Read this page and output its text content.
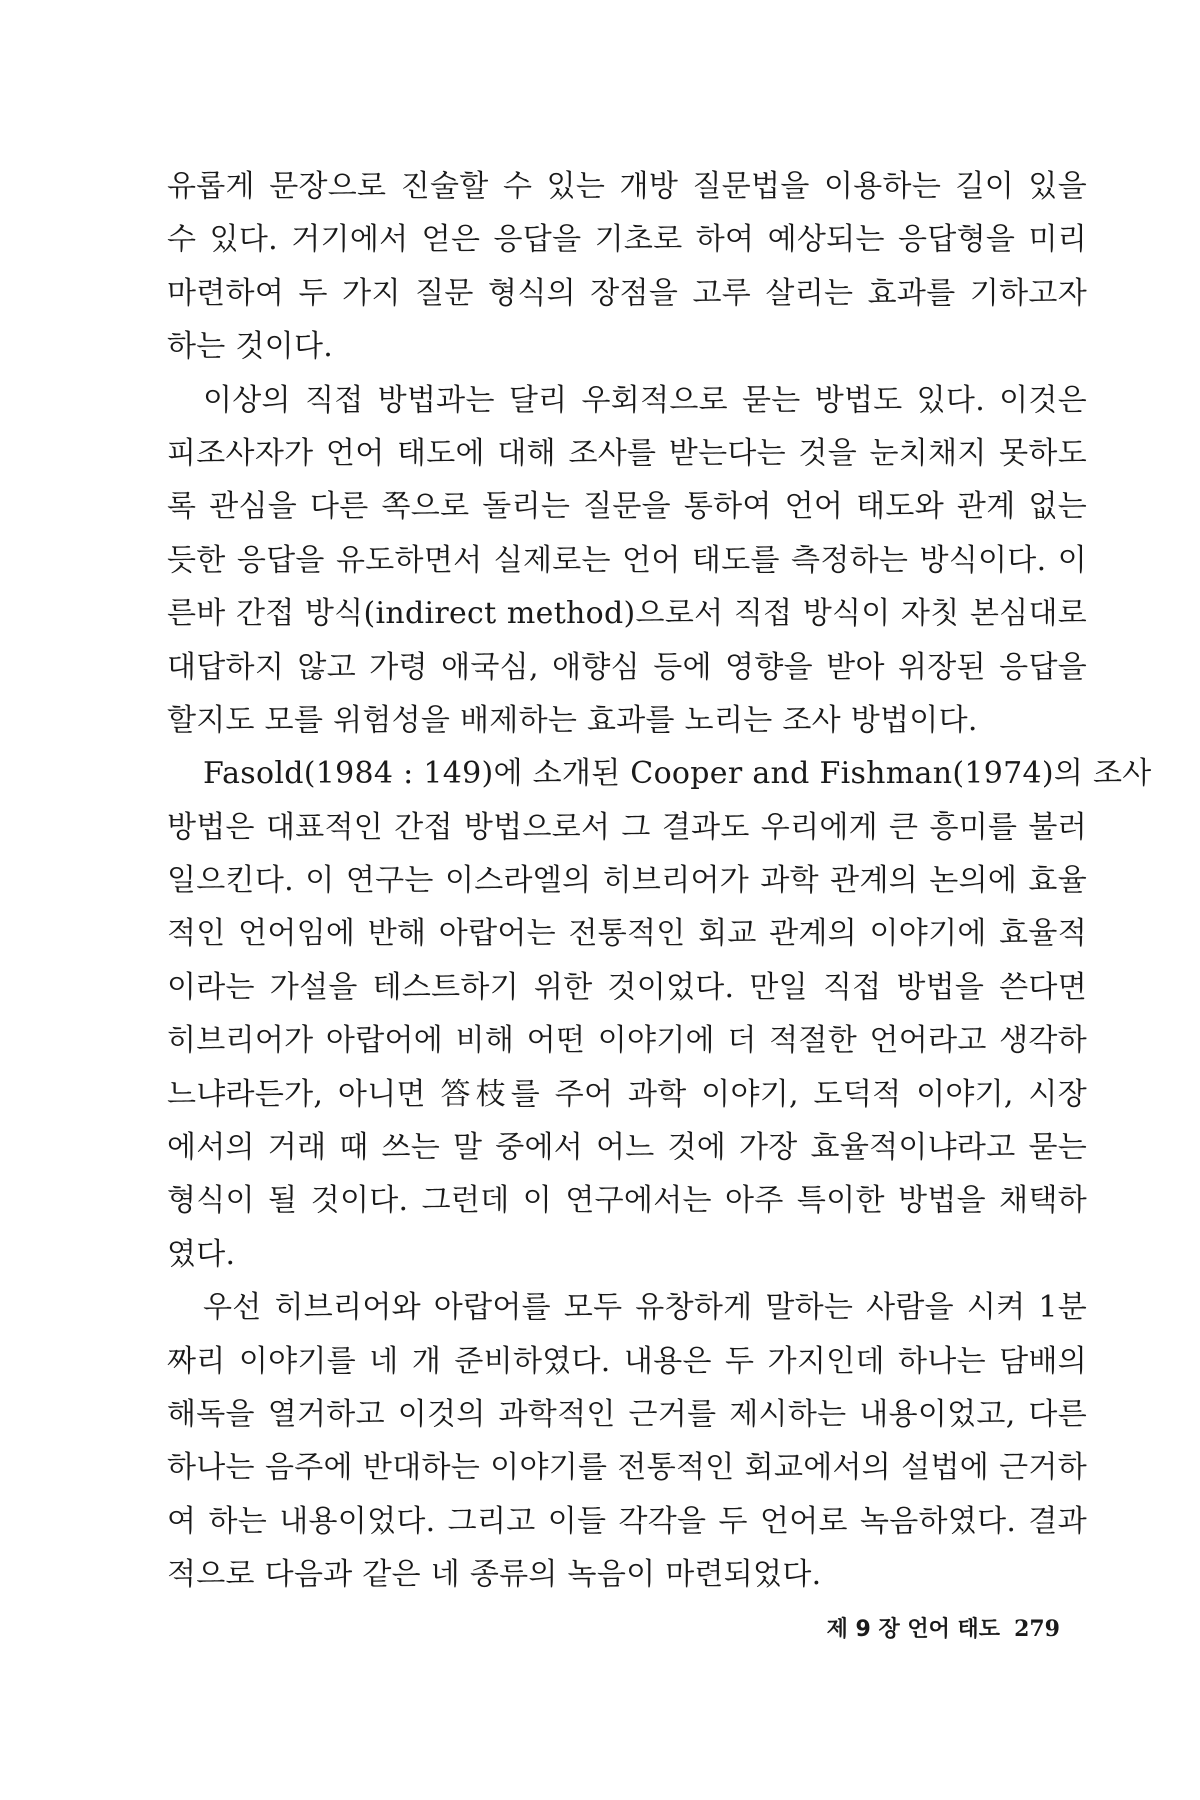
유롭게 문장으로 진술할 수 있는 개방 질문법을 이용하는 길이 있을
수 있다. 거기에서 얻은 응답을 기초로 하여 예상되는 응답형을 미리
마련하여 두 가지 질문 형식의 장점을 고루 살리는 효과를 기하고자
하는 것이다.
이상의 직접 방법과는 달리 우회적으로 묻는 방법도 있다. 이것은
피조사자가 언어 태도에 대해 조사를 받는다는 것을 눈치채지 못하도
록 관심을 다른 쪽으로 돌리는 질문을 통하여 언어 태도와 관계 없는
듯한 응답을 유도하면서 실제로는 언어 태도를 측정하는 방식이다. 이
른바 간접 방식(indirect method)으로서 직접 방식이 자칫 본심대로
대답하지 않고 가령 애국심, 애향심 등에 영향을 받아 위장된 응답을
할지도 모를 위험성을 배제하는 효과를 노리는 조사 방법이다.
Fasold(1984 : 149)에 소개된 Cooper and Fishman(1974)의 조사
방법은 대표적인 간접 방법으로서 그 결과도 우리에게 큰 흥미를 불러
일으킨다. 이 연구는 이스라엘의 히브리어가 과학 관계의 논의에 효율
적인 언어임에 반해 아랍어는 전통적인 회교 관계의 이야기에 효율적
이라는 가설을 테스트하기 위한 것이었다. 만일 직접 방법을 쓴다면
히브리어가 아랍어에 비해 어떤 이야기에 더 적절한 언어라고 생각하
느냐라든가, 아니면 答枝를 주어 과학 이야기, 도덕적 이야기, 시장
에서의 거래 때 쓰는 말 중에서 어느 것에 가장 효율적이냐라고 묻는
형식이 될 것이다. 그런데 이 연구에서는 아주 특이한 방법을 채택하
였다.
우선 히브리어와 아랍어를 모두 유창하게 말하는 사람을 시켜 1분
짜리 이야기를 네 개 준비하였다. 내용은 두 가지인데 하나는 담배의
해독을 열거하고 이것의 과학적인 근거를 제시하는 내용이었고, 다른
하나는 음주에 반대하는 이야기를 전통적인 회교에서의 설법에 근거하
여 하는 내용이었다. 그리고 이들 각각을 두 언어로 녹음하였다. 결과
적으로 다음과 같은 네 종류의 녹음이 마련되었다.
제 9 장 언어 태도 279
